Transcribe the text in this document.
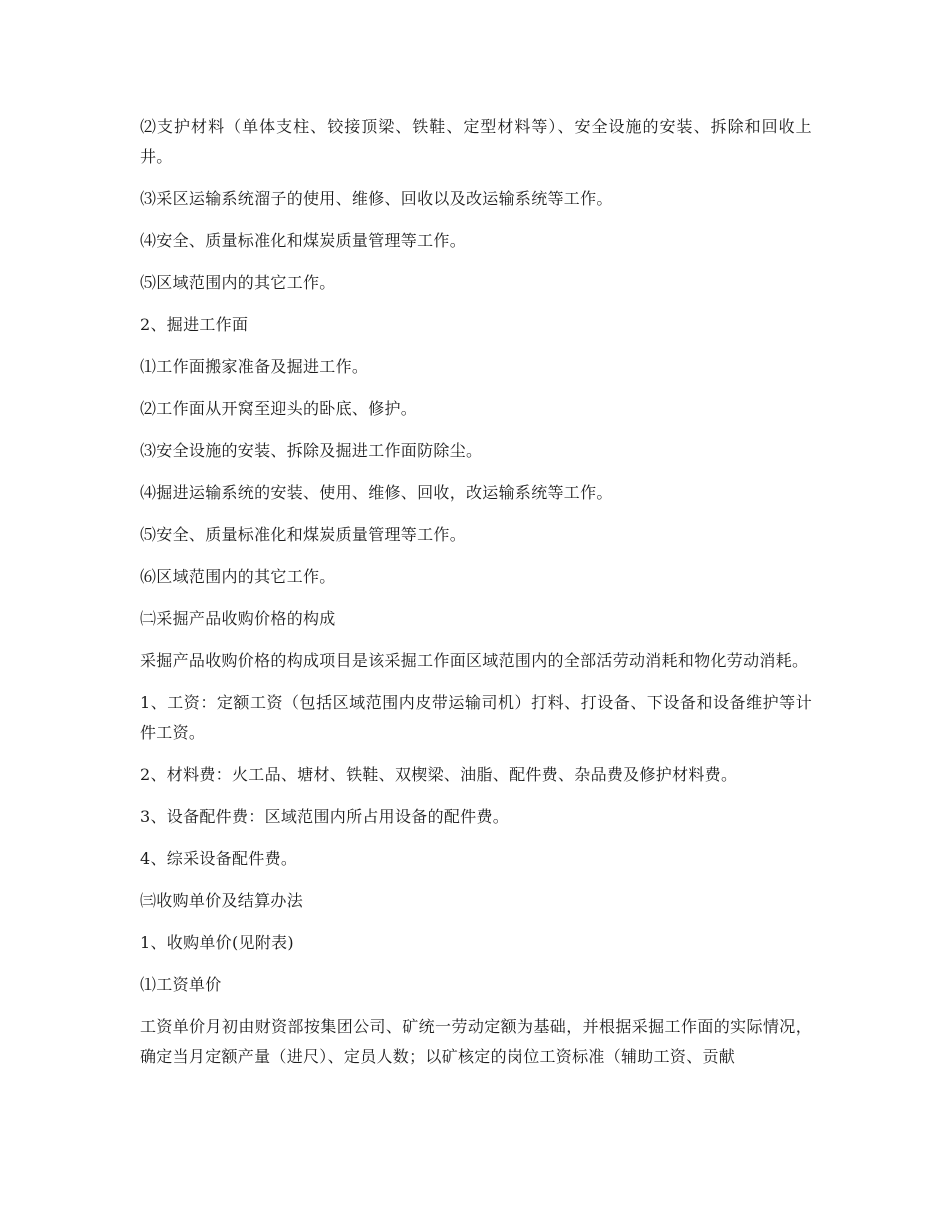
⑵支护材料（单体支柱、铰接顶梁、铁鞋、定型材料等）、安全设施的安装、拆除和回收上井。

⑶采区运输系统溜子的使用、维修、回收以及改运输系统等工作。

⑷安全、质量标准化和煤炭质量管理等工作。

⑸区域范围内的其它工作。

2、掘进工作面

⑴工作面搬家准备及掘进工作。

⑵工作面从开窝至迎头的卧底、修护。

⑶安全设施的安装、拆除及掘进工作面防除尘。

⑷掘进运输系统的安装、使用、维修、回收，改运输系统等工作。

⑸安全、质量标准化和煤炭质量管理等工作。

⑹区域范围内的其它工作。

㈡采掘产品收购价格的构成

采掘产品收购价格的构成项目是该采掘工作面区域范围内的全部活劳动消耗和物化劳动消耗。

1、工资：定额工资（包括区域范围内皮带运输司机）打料、打设备、下设备和设备维护等计件工资。

2、材料费：火工品、塘材、铁鞋、双楔梁、油脂、配件费、杂品费及修护材料费。

3、设备配件费：区域范围内所占用设备的配件费。

4、综采设备配件费。

㈢收购单价及结算办法

1、收购单价(见附表)

⑴工资单价

工资单价月初由财资部按集团公司、矿统一劳动定额为基础，并根据采掘工作面的实际情况，确定当月定额产量（进尺）、定员人数；以矿核定的岗位工资标准（辅助工资、贡献
